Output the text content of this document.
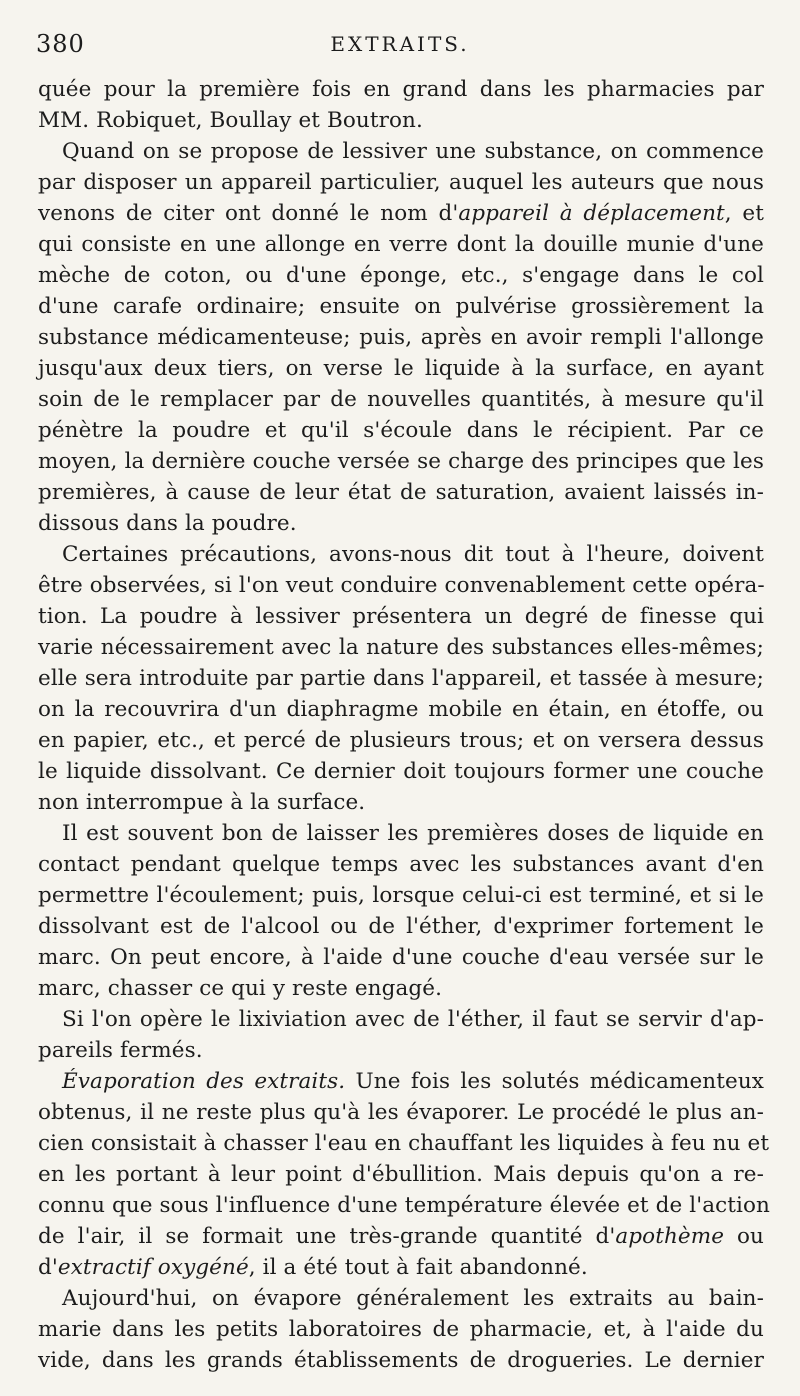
380	EXTRAITS.
quée pour la première fois en grand dans les pharmacies par
MM. Robiquet, Boullay et Boutron.
Quand on se propose de lessiver une substance, on commence
par disposer un appareil particulier, auquel les auteurs que nous
venons de citer ont donné le nom d'appareil à déplacement, et
qui consiste en une allonge en verre dont la douille munie d'une
mèche de coton, ou d'une éponge, etc., s'engage dans le col
d'une carafe ordinaire; ensuite on pulvérise grossièrement la
substance médicamenteuse; puis, après en avoir rempli l'allonge
jusqu'aux deux tiers, on verse le liquide à la surface, en ayant
soin de le remplacer par de nouvelles quantités, à mesure qu'il
pénètre la poudre et qu'il s'écoule dans le récipient. Par ce
moyen, la dernière couche versée se charge des principes que les
premières, à cause de leur état de saturation, avaient laissés in-
dissous dans la poudre.
Certaines précautions, avons-nous dit tout à l'heure, doivent
être observées, si l'on veut conduire convenablement cette opéra-
tion. La poudre à lessiver présentera un degré de finesse qui
varie nécessairement avec la nature des substances elles-mêmes;
elle sera introduite par partie dans l'appareil, et tassée à mesure;
on la recouvrira d'un diaphragme mobile en étain, en étoffe, ou
en papier, etc., et percé de plusieurs trous; et on versera dessus
le liquide dissolvant. Ce dernier doit toujours former une couche
non interrompue à la surface.
Il est souvent bon de laisser les premières doses de liquide en
contact pendant quelque temps avec les substances avant d'en
permettre l'écoulement; puis, lorsque celui-ci est terminé, et si le
dissolvant est de l'alcool ou de l'éther, d'exprimer fortement le
marc. On peut encore, à l'aide d'une couche d'eau versée sur le
marc, chasser ce qui y reste engagé.
Si l'on opère le lixiviation avec de l'éther, il faut se servir d'ap-
pareils fermés.
Évaporation des extraits. Une fois les solutés médicamenteux
obtenus, il ne reste plus qu'à les évaporer. Le procédé le plus an-
cien consistait à chasser l'eau en chauffant les liquides à feu nu et
en les portant à leur point d'ébullition. Mais depuis qu'on a re-
connu que sous l'influence d'une température élevée et de l'action
de l'air, il se formait une très-grande quantité d'apothème ou
d'extractif oxygéné, il a été tout à fait abandonné.
Aujourd'hui, on évapore généralement les extraits au bain-
marie dans les petits laboratoires de pharmacie, et, à l'aide du
vide, dans les grands établissements de drogueries. Le dernier
